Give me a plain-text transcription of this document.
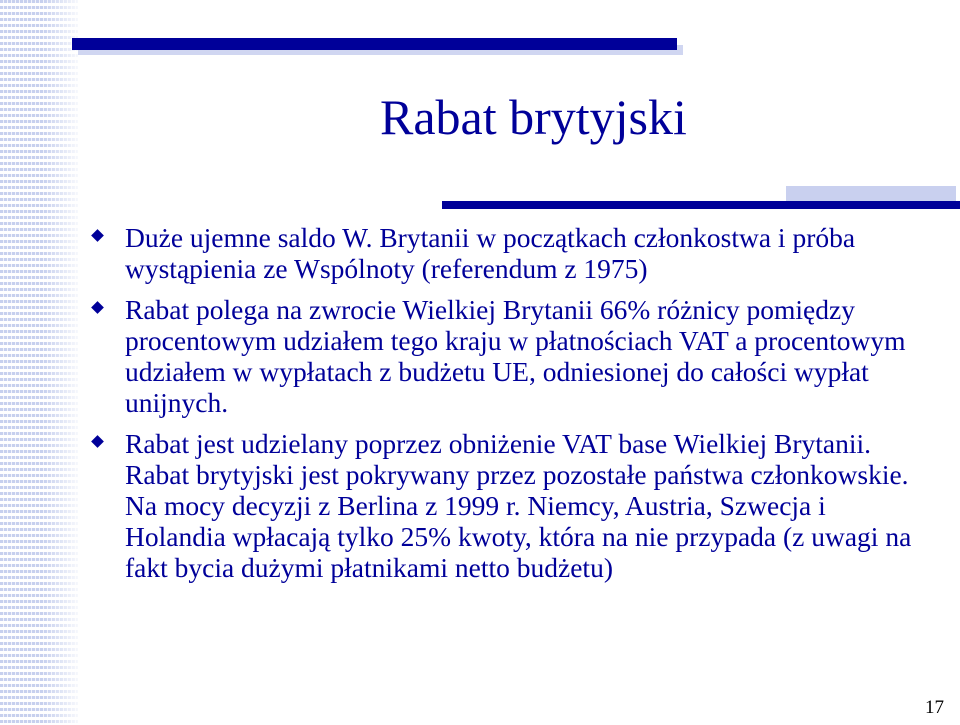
Rabat brytyjski
Duże ujemne saldo W. Brytanii w początkach członkostwa i próba wystąpienia ze Wspólnoty (referendum z 1975)
Rabat polega na zwrocie Wielkiej Brytanii 66% różnicy pomiędzy procentowym udziałem tego kraju w płatnościach VAT a procentowym udziałem w wypłatach z budżetu UE, odniesionej do całości wypłat unijnych.
Rabat jest udzielany poprzez obniżenie VAT base Wielkiej Brytanii. Rabat brytyjski jest pokrywany przez pozostałe państwa członkowskie. Na mocy decyzji z Berlina z 1999 r. Niemcy, Austria, Szwecja i Holandia wpłacają tylko 25% kwoty, która na nie przypada (z uwagi na fakt bycia dużymi płatnikami netto budżetu)
17
